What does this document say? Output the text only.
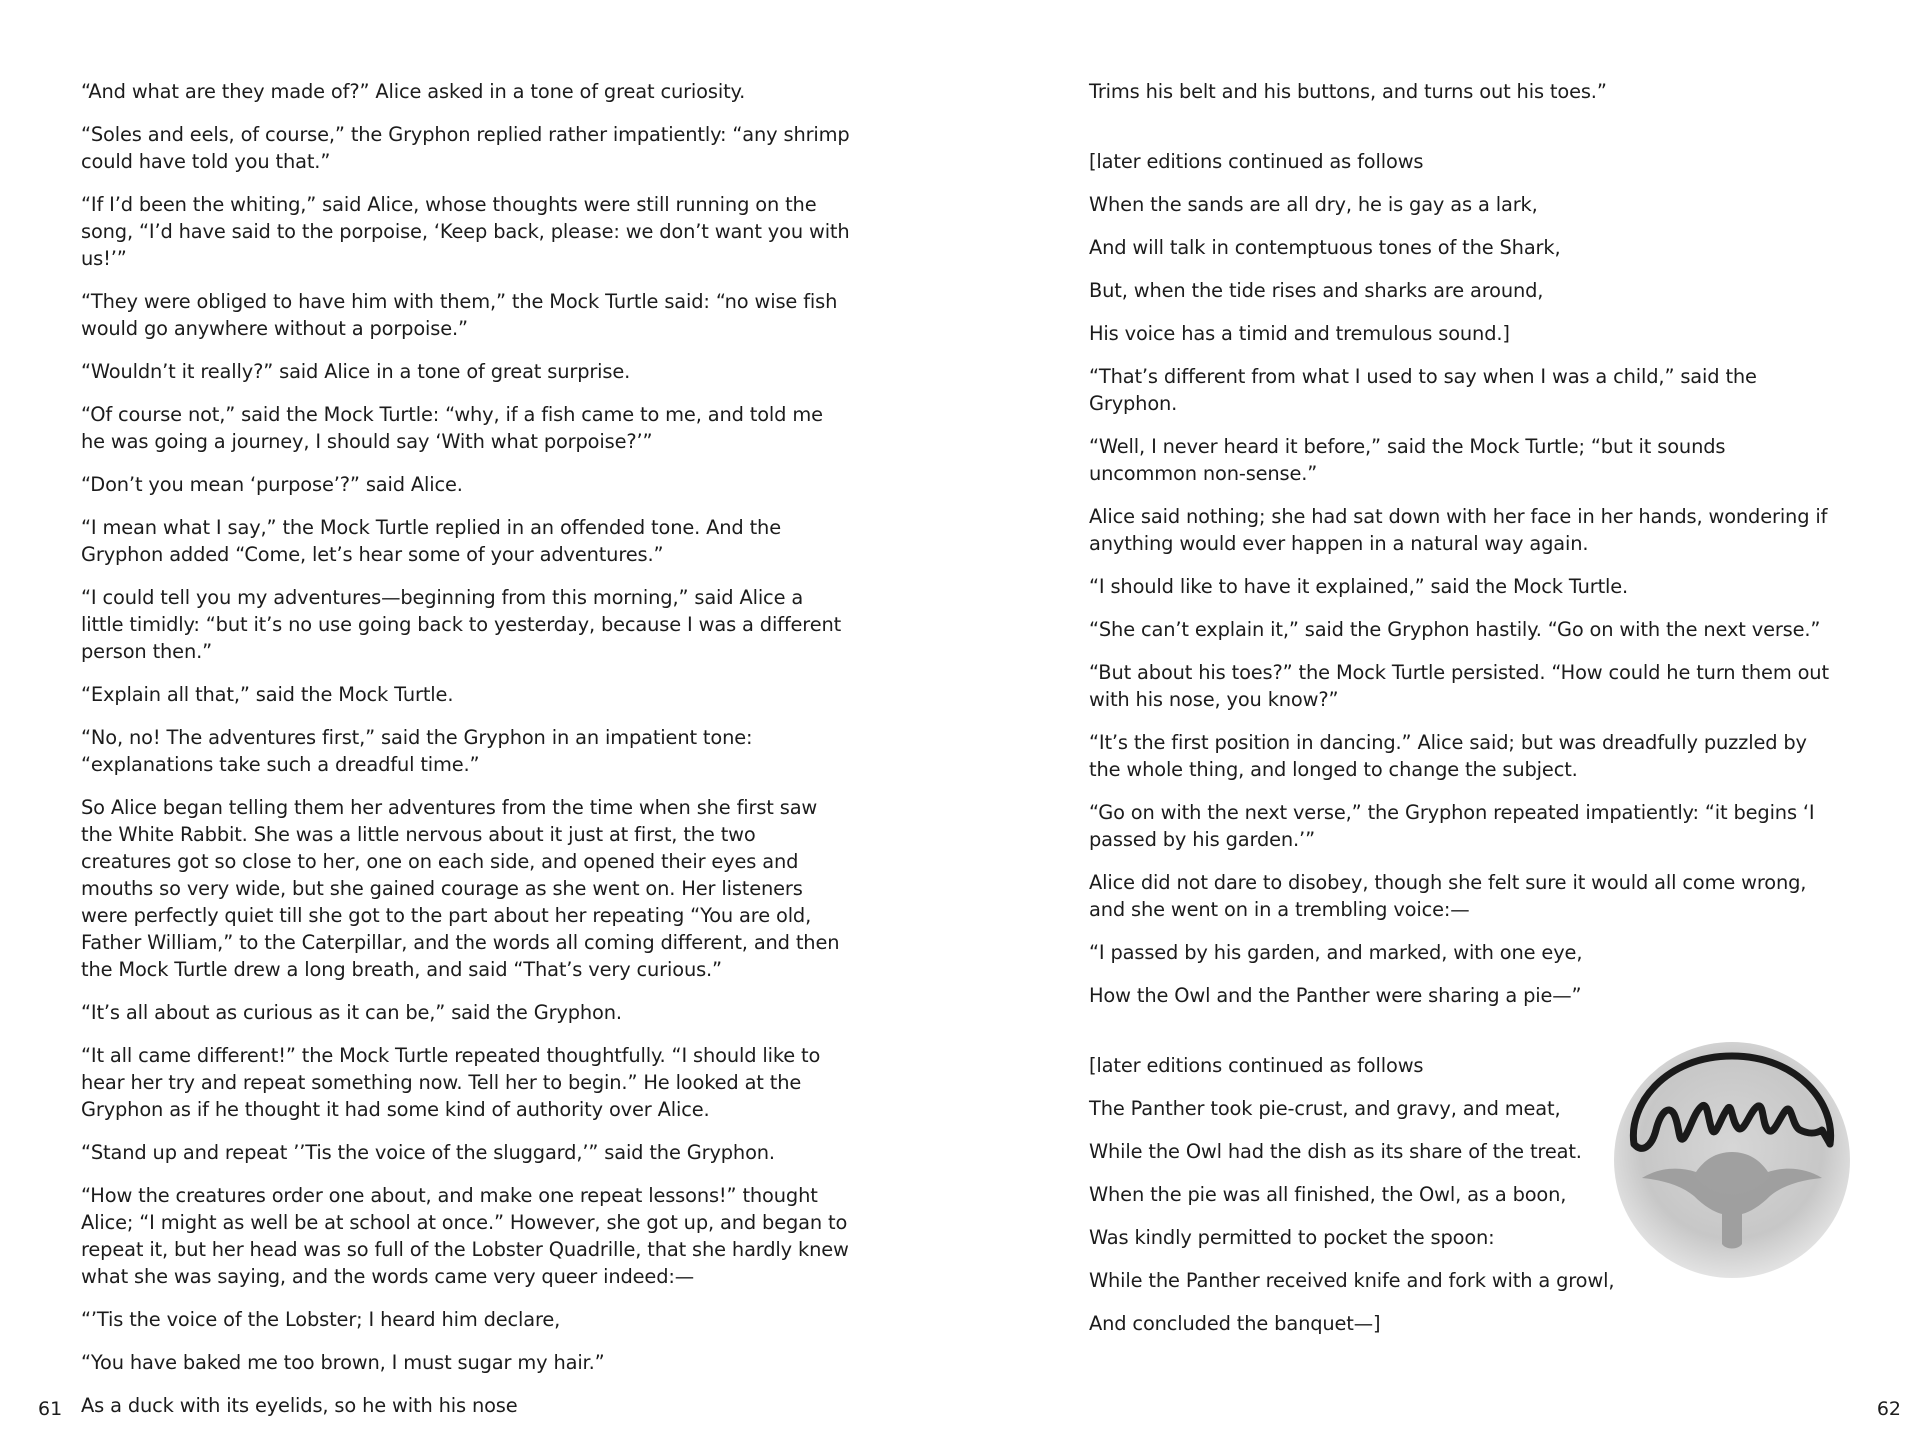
“And what are they made of?” Alice asked in a tone of great curiosity.

“Soles and eels, of course,” the Gryphon replied rather impatiently: “any shrimp could have told you that.”

“If I’d been the whiting,” said Alice, whose thoughts were still running on the song, “I’d have said to the porpoise, ‘Keep back, please: we don’t want you with us!’”

“They were obliged to have him with them,” the Mock Turtle said: “no wise fish would go anywhere without a porpoise.”

“Wouldn’t it really?” said Alice in a tone of great surprise.

“Of course not,” said the Mock Turtle: “why, if a fish came to me, and told me he was going a journey, I should say ‘With what porpoise?’”

“Don’t you mean ‘purpose’?” said Alice.

“I mean what I say,” the Mock Turtle replied in an offended tone. And the Gryphon added “Come, let’s hear some of your adventures.”

“I could tell you my adventures—beginning from this morning,” said Alice a little timidly: “but it’s no use going back to yesterday, because I was a different person then.”

“Explain all that,” said the Mock Turtle.

“No, no! The adventures first,” said the Gryphon in an impatient tone: “explanations take such a dreadful time.”

So Alice began telling them her adventures from the time when she first saw the White Rabbit. She was a little nervous about it just at first, the two creatures got so close to her, one on each side, and opened their eyes and mouths so very wide, but she gained courage as she went on. Her listeners were perfectly quiet till she got to the part about her repeating “You are old, Father William,” to the Caterpillar, and the words all coming different, and then the Mock Turtle drew a long breath, and said “That’s very curious.”

“It’s all about as curious as it can be,” said the Gryphon.

“It all came different!” the Mock Turtle repeated thoughtfully. “I should like to hear her try and repeat something now. Tell her to begin.” He looked at the Gryphon as if he thought it had some kind of authority over Alice.

“Stand up and repeat ’’Tis the voice of the sluggard,’” said the Gryphon.

“How the creatures order one about, and make one repeat lessons!” thought Alice; “I might as well be at school at once.” However, she got up, and began to repeat it, but her head was so full of the Lobster Quadrille, that she hardly knew what she was saying, and the words came very queer indeed:—

“’Tis the voice of the Lobster; I heard him declare,

“You have baked me too brown, I must sugar my hair.”

As a duck with its eyelids, so he with his nose

61

Trims his belt and his buttons, and turns out his toes.”

[later editions continued as follows

When the sands are all dry, he is gay as a lark,

And will talk in contemptuous tones of the Shark,

But, when the tide rises and sharks are around,

His voice has a timid and tremulous sound.]

“That’s different from what I used to say when I was a child,” said the Gryphon.

“Well, I never heard it before,” said the Mock Turtle; “but it sounds uncommon non-sense.”

Alice said nothing; she had sat down with her face in her hands, wondering if anything would ever happen in a natural way again.

“I should like to have it explained,” said the Mock Turtle.

“She can’t explain it,” said the Gryphon hastily. “Go on with the next verse.”

“But about his toes?” the Mock Turtle persisted. “How could he turn them out with his nose, you know?”

“It’s the first position in dancing.” Alice said; but was dreadfully puzzled by the whole thing, and longed to change the subject.

“Go on with the next verse,” the Gryphon repeated impatiently: “it begins ‘I passed by his garden.’”

Alice did not dare to disobey, though she felt sure it would all come wrong, and she went on in a trembling voice:—

“I passed by his garden, and marked, with one eye,

How the Owl and the Panther were sharing a pie—”

[later editions continued as follows

The Panther took pie-crust, and gravy, and meat,

While the Owl had the dish as its share of the treat.

When the pie was all finished, the Owl, as a boon,

Was kindly permitted to pocket the spoon:

While the Panther received knife and fork with a growl,

And concluded the banquet—]

62
